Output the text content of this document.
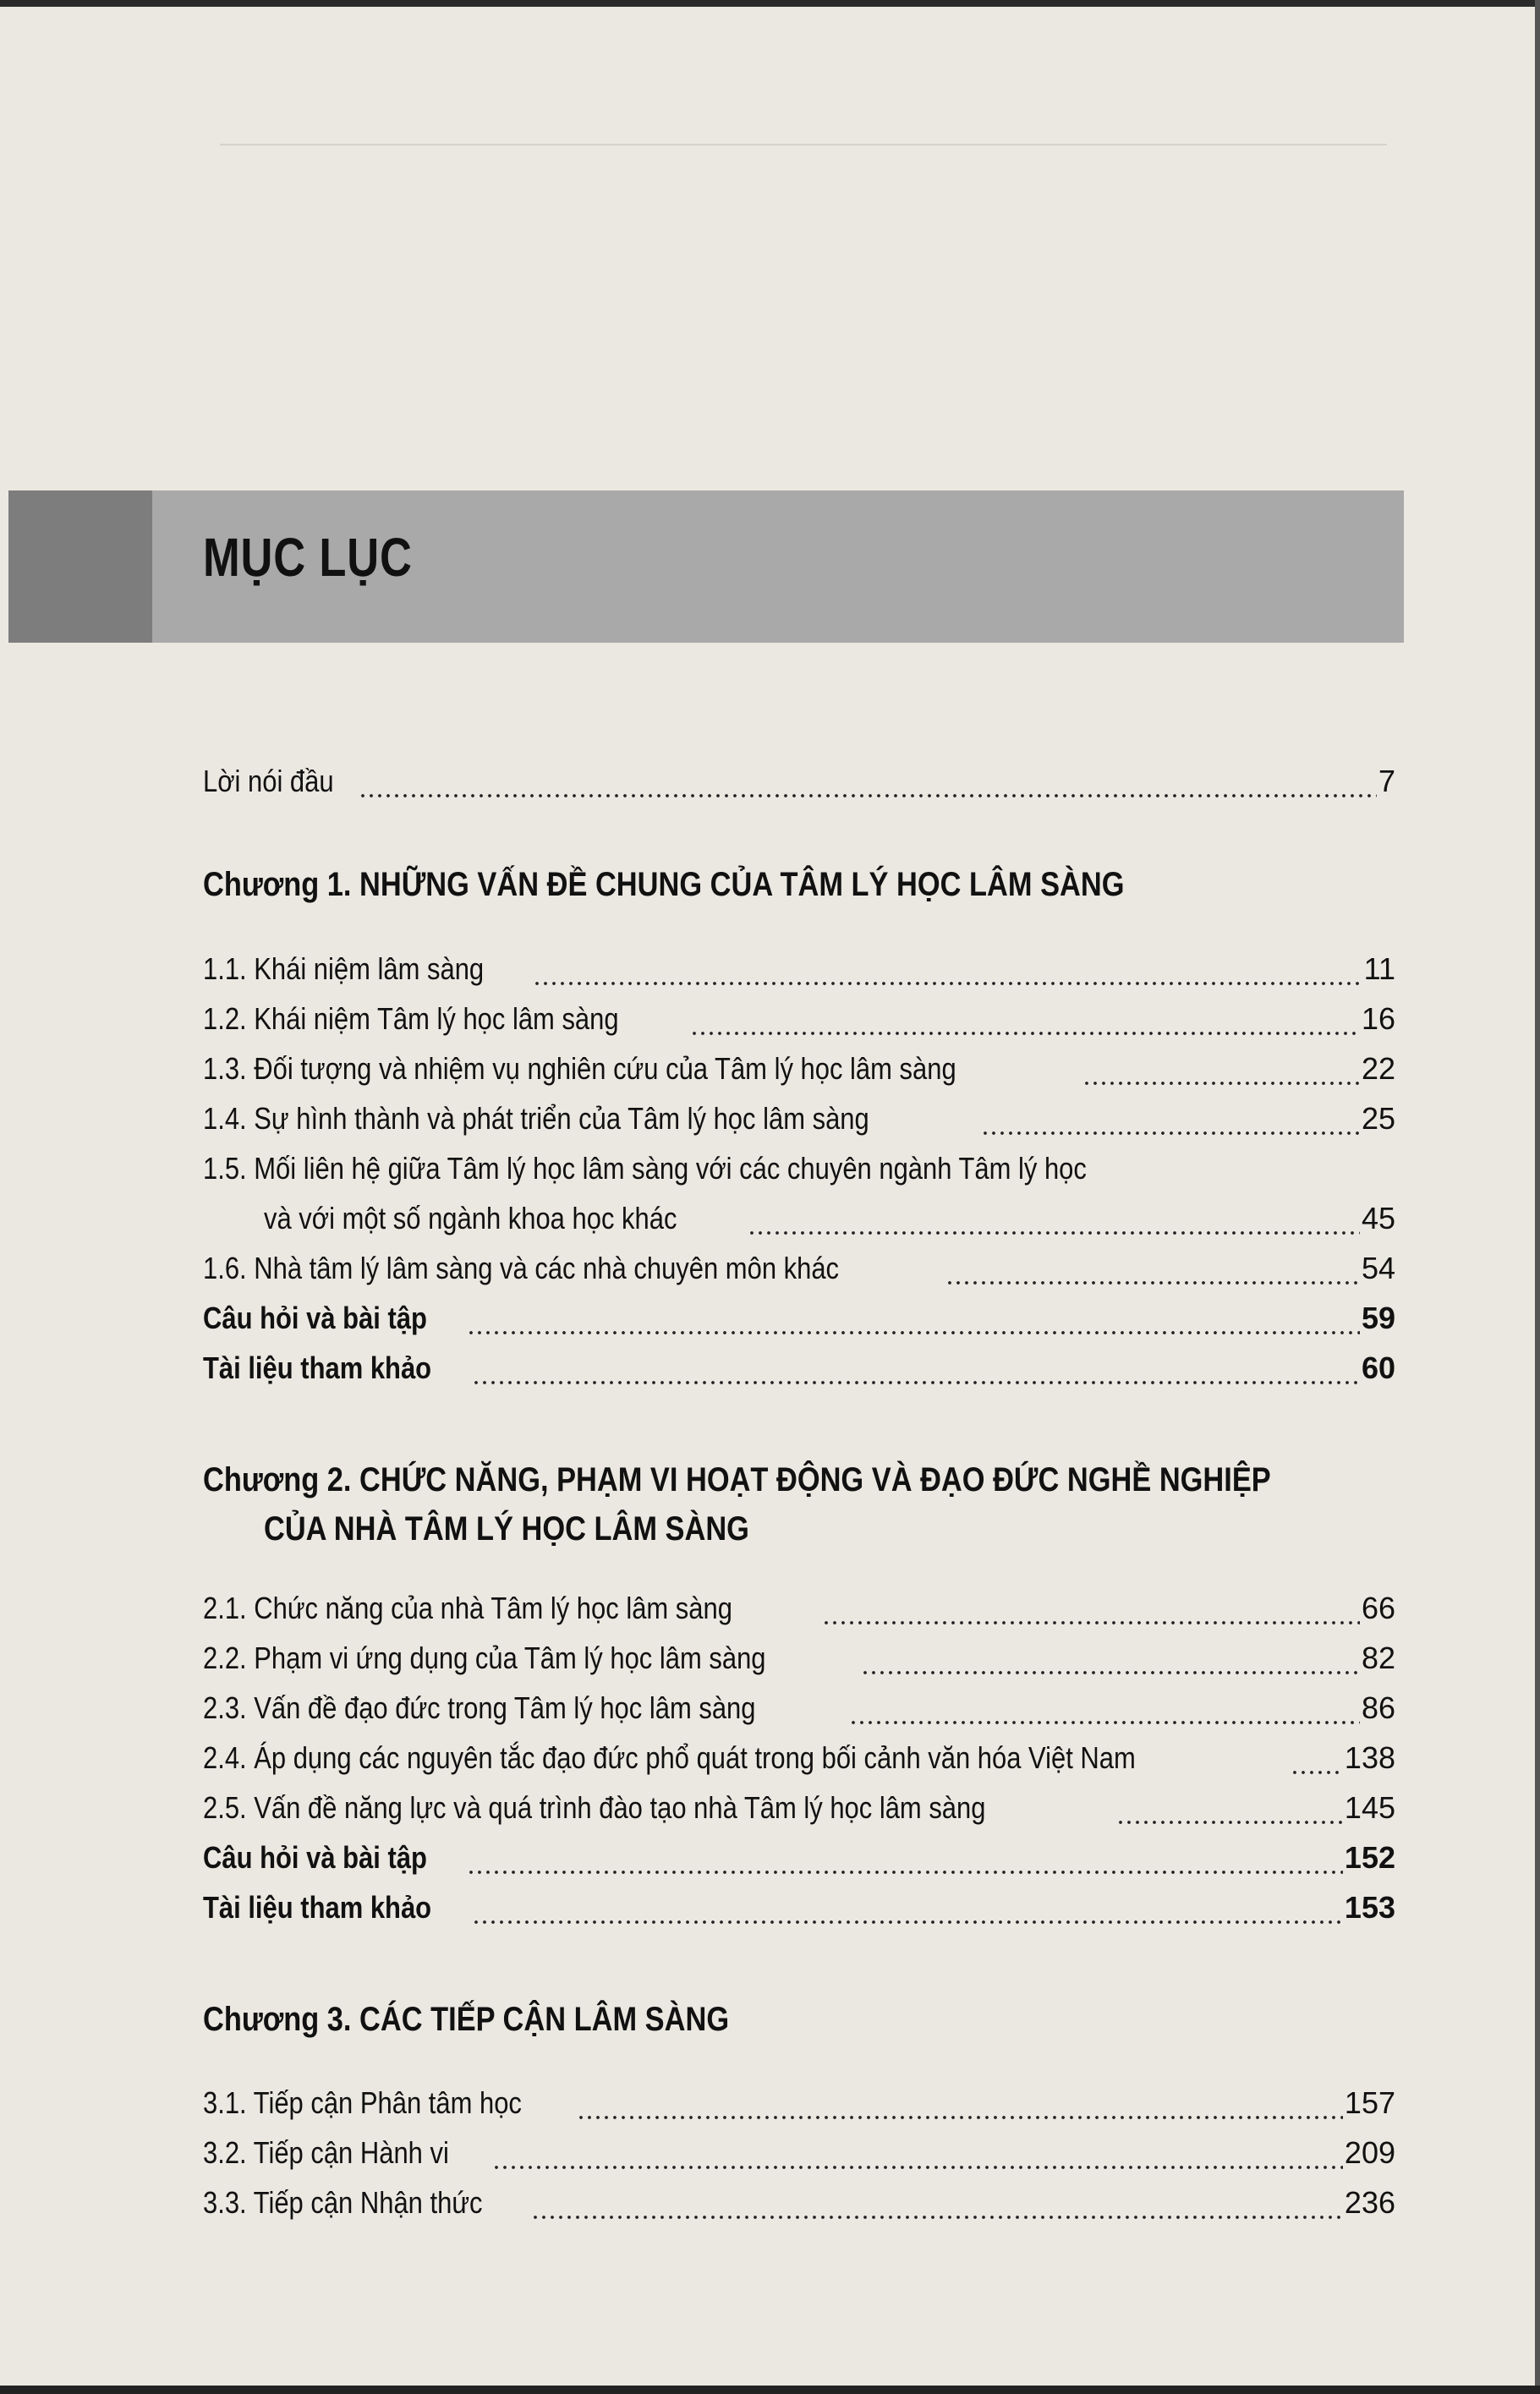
MỤC LỤC
Lời nói đầu	7
Chương 1. NHỮNG VẤN ĐỀ CHUNG CỦA TÂM LÝ HỌC LÂM SÀNG
1.1. Khái niệm lâm sàng	11
1.2. Khái niệm Tâm lý học lâm sàng	16
1.3. Đối tượng và nhiệm vụ nghiên cứu của Tâm lý học lâm sàng	22
1.4. Sự hình thành và phát triển của Tâm lý học lâm sàng	25
1.5. Mối liên hệ giữa Tâm lý học lâm sàng với các chuyên ngành Tâm lý học
và với một số ngành khoa học khác	45
1.6. Nhà tâm lý lâm sàng và các nhà chuyên môn khác	54
Câu hỏi và bài tập	59
Tài liệu tham khảo	60
Chương 2. CHỨC NĂNG, PHẠM VI HOẠT ĐỘNG VÀ ĐẠO ĐỨC NGHỀ NGHIỆP
CỦA NHÀ TÂM LÝ HỌC LÂM SÀNG
2.1. Chức năng của nhà Tâm lý học lâm sàng	66
2.2. Phạm vi ứng dụng của Tâm lý học lâm sàng	82
2.3. Vấn đề đạo đức trong Tâm lý học lâm sàng	86
2.4. Áp dụng các nguyên tắc đạo đức phổ quát trong bối cảnh văn hóa Việt Nam	138
2.5. Vấn đề năng lực và quá trình đào tạo nhà Tâm lý học lâm sàng	145
Câu hỏi và bài tập	152
Tài liệu tham khảo	153
Chương 3. CÁC TIẾP CẬN LÂM SÀNG
3.1. Tiếp cận Phân tâm học	157
3.2. Tiếp cận Hành vi	209
3.3. Tiếp cận Nhận thức	236
